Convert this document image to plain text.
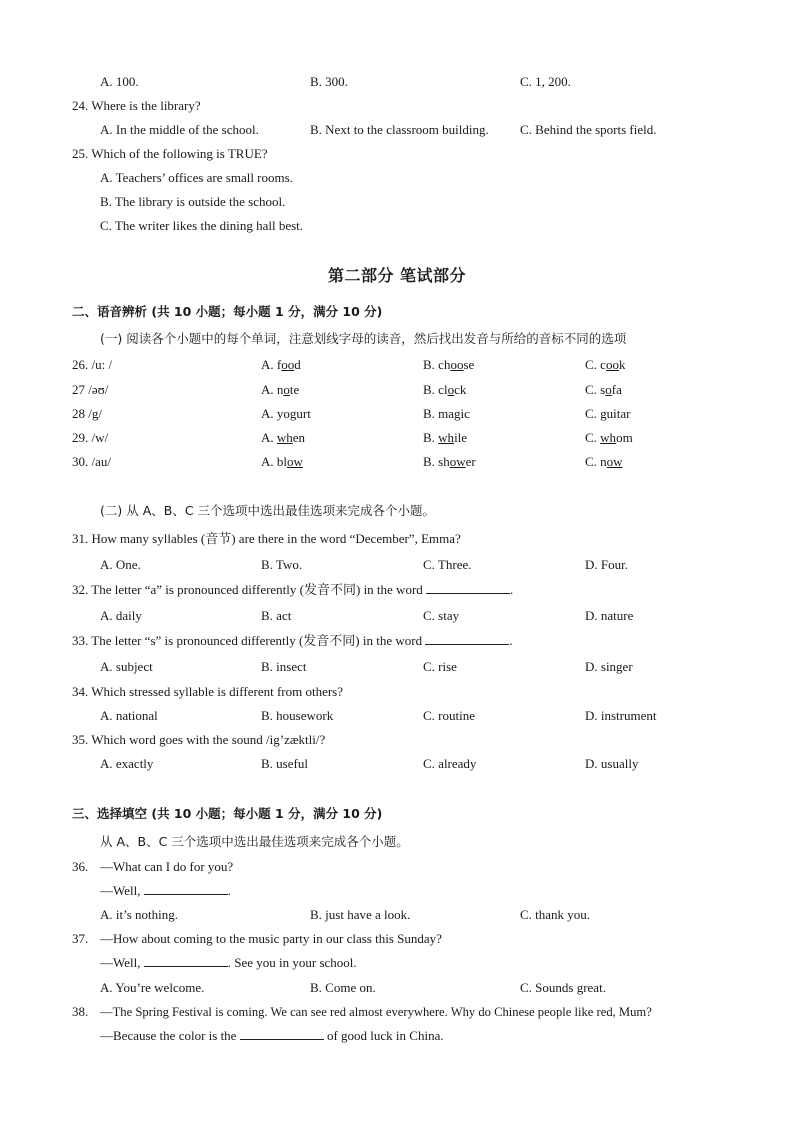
A. 100.	B. 300.	C. 1, 200.
24. Where is the library?
A. In the middle of the school.	B. Next to the classroom building. C. Behind the sports field.
25. Which of the following is TRUE?
A. Teachers’ offices are small rooms.
B. The library is outside the school.
C. The writer likes the dining hall best.
第二部分 笔试部分
二、语音辨析 (共 10 小题；每小题 1 分，满分 10 分)
(一) 阅读各个小题中的每个单词，注意划线字母的读音，然后找出发音与所给的音标不同的选项
26. /u: /	A. food	B. choose	C. cook
27 /əʊ/	A. note	B. clock	C. sofa
28 /g/	A. yogurt	B. magic	C. guitar
29. /w/	A. when	B. while	C. whom
30. /au/	A. blow	B. shower	C. now
(二) 从 A、B、C 三个选项中选出最佳选项来完成各个小题。
31. How many syllables (音节) are there in the word “December”, Emma?
A. One.	B. Two.	C. Three.	D. Four.
32. The letter “a” is pronounced differently (发音不同) in the word	.
A. daily	B. act	C. stay	D. nature
33. The letter “s” is pronounced differently (发音不同) in the word	.
A. subject	B. insect	C. rise	D. singer
34. Which stressed syllable is different from others?
A. national	B. housework	C. routine	D. instrument
35. Which word goes with the sound /ig’zæktli/?
A. exactly	B. useful	C. already	D. usually
三、选择填空 (共 10 小题；每小题 1 分，满分 10 分)
从 A、B、C 三个选项中选出最佳选项来完成各个小题。
36. —What can I do for you?
—Well,	.
A. it’s nothing.	B. just have a look.	C. thank you.
37. —How about coming to the music party in our class this Sunday?
—Well,	. See you in your school.
A. You’re welcome.	B. Come on.	C. Sounds great.
38. —The Spring Festival is coming. We can see red almost everywhere. Why do Chinese people like red, Mum?
—Because the color is the	of good luck in China.
